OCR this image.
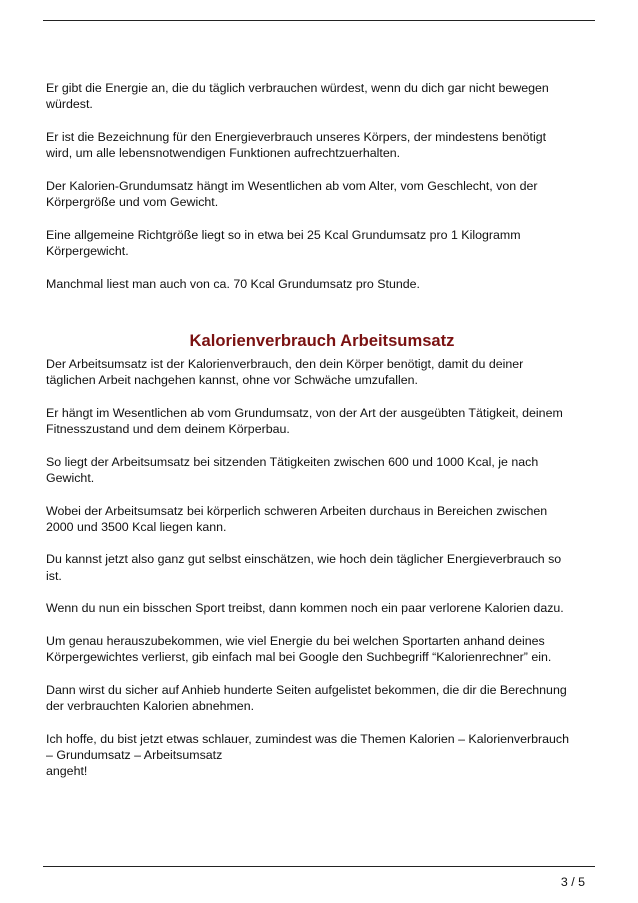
Er gibt die Energie an, die du täglich verbrauchen würdest, wenn du dich gar nicht bewegen
würdest.

Er ist die Bezeichnung für den Energieverbrauch unseres Körpers, der mindestens benötigt
wird, um alle lebensnotwendigen Funktionen aufrechtzuerhalten.

Der Kalorien-Grundumsatz hängt im Wesentlichen ab vom Alter, vom Geschlecht, von der
Körpergröße und vom Gewicht.

Eine allgemeine Richtgröße liegt so in etwa bei 25 Kcal Grundumsatz pro 1 Kilogramm
Körpergewicht.

Manchmal liest man auch von ca. 70 Kcal Grundumsatz pro Stunde.

Kalorienverbrauch Arbeitsumsatz

Der Arbeitsumsatz ist der Kalorienverbrauch, den dein Körper benötigt, damit du deiner
täglichen Arbeit nachgehen kannst, ohne vor Schwäche umzufallen.

Er hängt im Wesentlichen ab vom Grundumsatz, von der Art der ausgeübten Tätigkeit, deinem
Fitnesszustand und dem deinem Körperbau.

So liegt der Arbeitsumsatz bei sitzenden Tätigkeiten zwischen 600 und 1000 Kcal, je nach
Gewicht.

Wobei der Arbeitsumsatz bei körperlich schweren Arbeiten durchaus in Bereichen zwischen
2000 und 3500 Kcal liegen kann.

Du kannst jetzt also ganz gut selbst einschätzen, wie hoch dein täglicher Energieverbrauch so
ist.

Wenn du nun ein bisschen Sport treibst, dann kommen noch ein paar verlorene Kalorien dazu.

Um genau herauszubekommen, wie viel Energie du bei welchen Sportarten anhand deines
Körpergewichtes verlierst, gib einfach mal bei Google den Suchbegriff “Kalorienrechner” ein.

Dann wirst du sicher auf Anhieb hunderte Seiten aufgelistet bekommen, die dir die Berechnung
der verbrauchten Kalorien abnehmen.

Ich hoffe, du bist jetzt etwas schlauer, zumindest was die Themen Kalorien – Kalorienverbrauch
– Grundumsatz – Arbeitsumsatz
angeht!

3 / 5
